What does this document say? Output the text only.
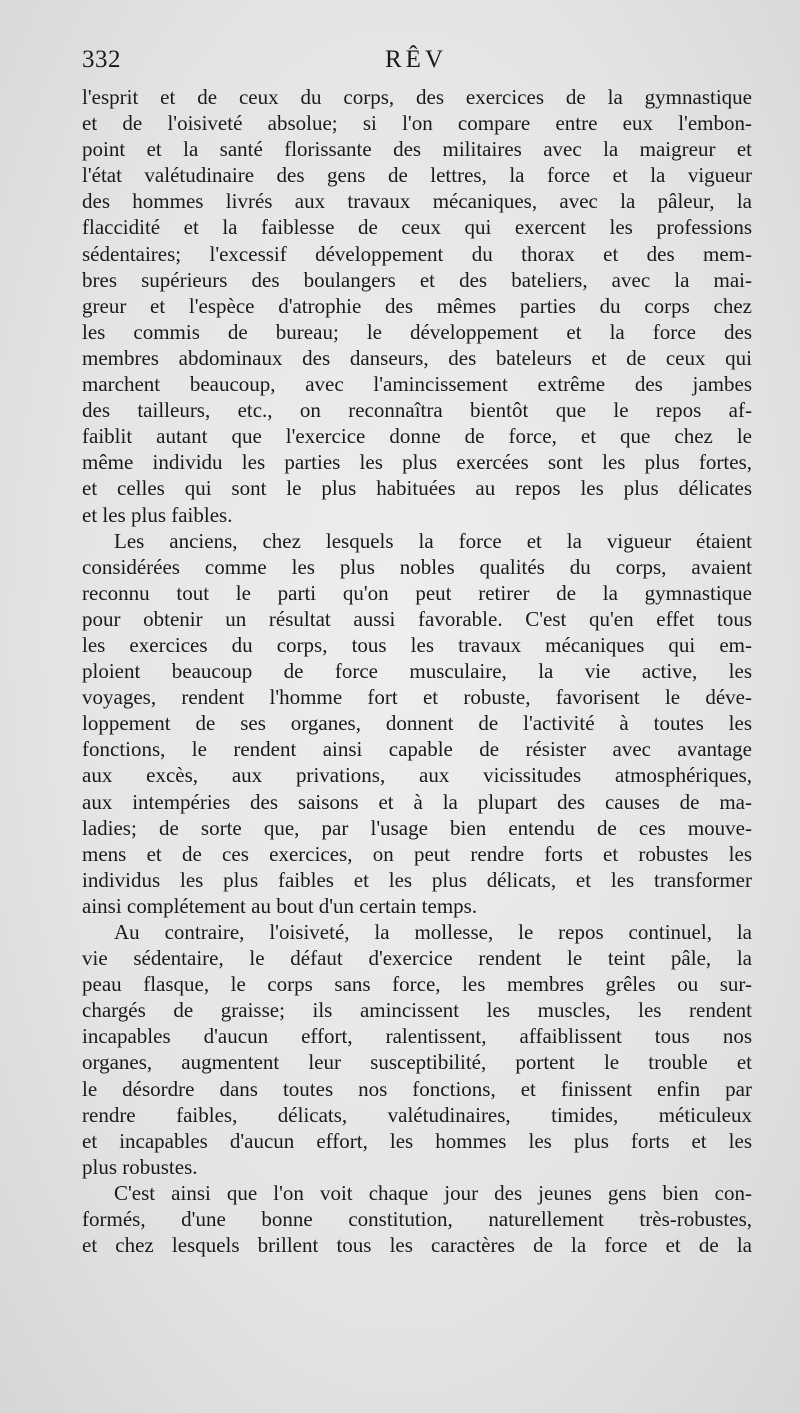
332	RÊV
l'esprit et de ceux du corps, des exercices de la gymnastique
et de l'oisiveté absolue; si l'on compare entre eux l'embon-
point et la santé florissante des militaires avec la maigreur et
l'état valétudinaire des gens de lettres, la force et la vigueur
des hommes livrés aux travaux mécaniques, avec la pâleur, la
flaccidité et la faiblesse de ceux qui exercent les professions
sédentaires; l'excessif développement du thorax et des mem-
bres supérieurs des boulangers et des bateliers, avec la mai-
greur et l'espèce d'atrophie des mêmes parties du corps chez
les commis de bureau; le développement et la force des
membres abdominaux des danseurs, des bateleurs et de ceux qui
marchent beaucoup, avec l'amincissement extrême des jambes
des tailleurs, etc., on reconnaîtra bientôt que le repos af-
faiblit autant que l'exercice donne de force, et que chez le
même individu les parties les plus exercées sont les plus fortes,
et celles qui sont le plus habituées au repos les plus délicates
et les plus faibles.
Les anciens, chez lesquels la force et la vigueur étaient
considérées comme les plus nobles qualités du corps, avaient
reconnu tout le parti qu'on peut retirer de la gymnastique
pour obtenir un résultat aussi favorable. C'est qu'en effet tous
les exercices du corps, tous les travaux mécaniques qui em-
ploient beaucoup de force musculaire, la vie active, les
voyages, rendent l'homme fort et robuste, favorisent le déve-
loppement de ses organes, donnent de l'activité à toutes les
fonctions, le rendent ainsi capable de résister avec avantage
aux excès, aux privations, aux vicissitudes atmosphériques,
aux intempéries des saisons et à la plupart des causes de ma-
ladies; de sorte que, par l'usage bien entendu de ces mouve-
mens et de ces exercices, on peut rendre forts et robustes les
individus les plus faibles et les plus délicats, et les transformer
ainsi complétement au bout d'un certain temps.
Au contraire, l'oisiveté, la mollesse, le repos continuel, la
vie sédentaire, le défaut d'exercice rendent le teint pâle, la
peau flasque, le corps sans force, les membres grêles ou sur-
chargés de graisse; ils amincissent les muscles, les rendent
incapables d'aucun effort, ralentissent, affaiblissent tous nos
organes, augmentent leur susceptibilité, portent le trouble et
le désordre dans toutes nos fonctions, et finissent enfin par
rendre faibles, délicats, valétudinaires, timides, méticuleux
et incapables d'aucun effort, les hommes les plus forts et les
plus robustes.
C'est ainsi que l'on voit chaque jour des jeunes gens bien con-
formés, d'une bonne constitution, naturellement très-robustes,
et chez lesquels brillent tous les caractères de la force et de la
